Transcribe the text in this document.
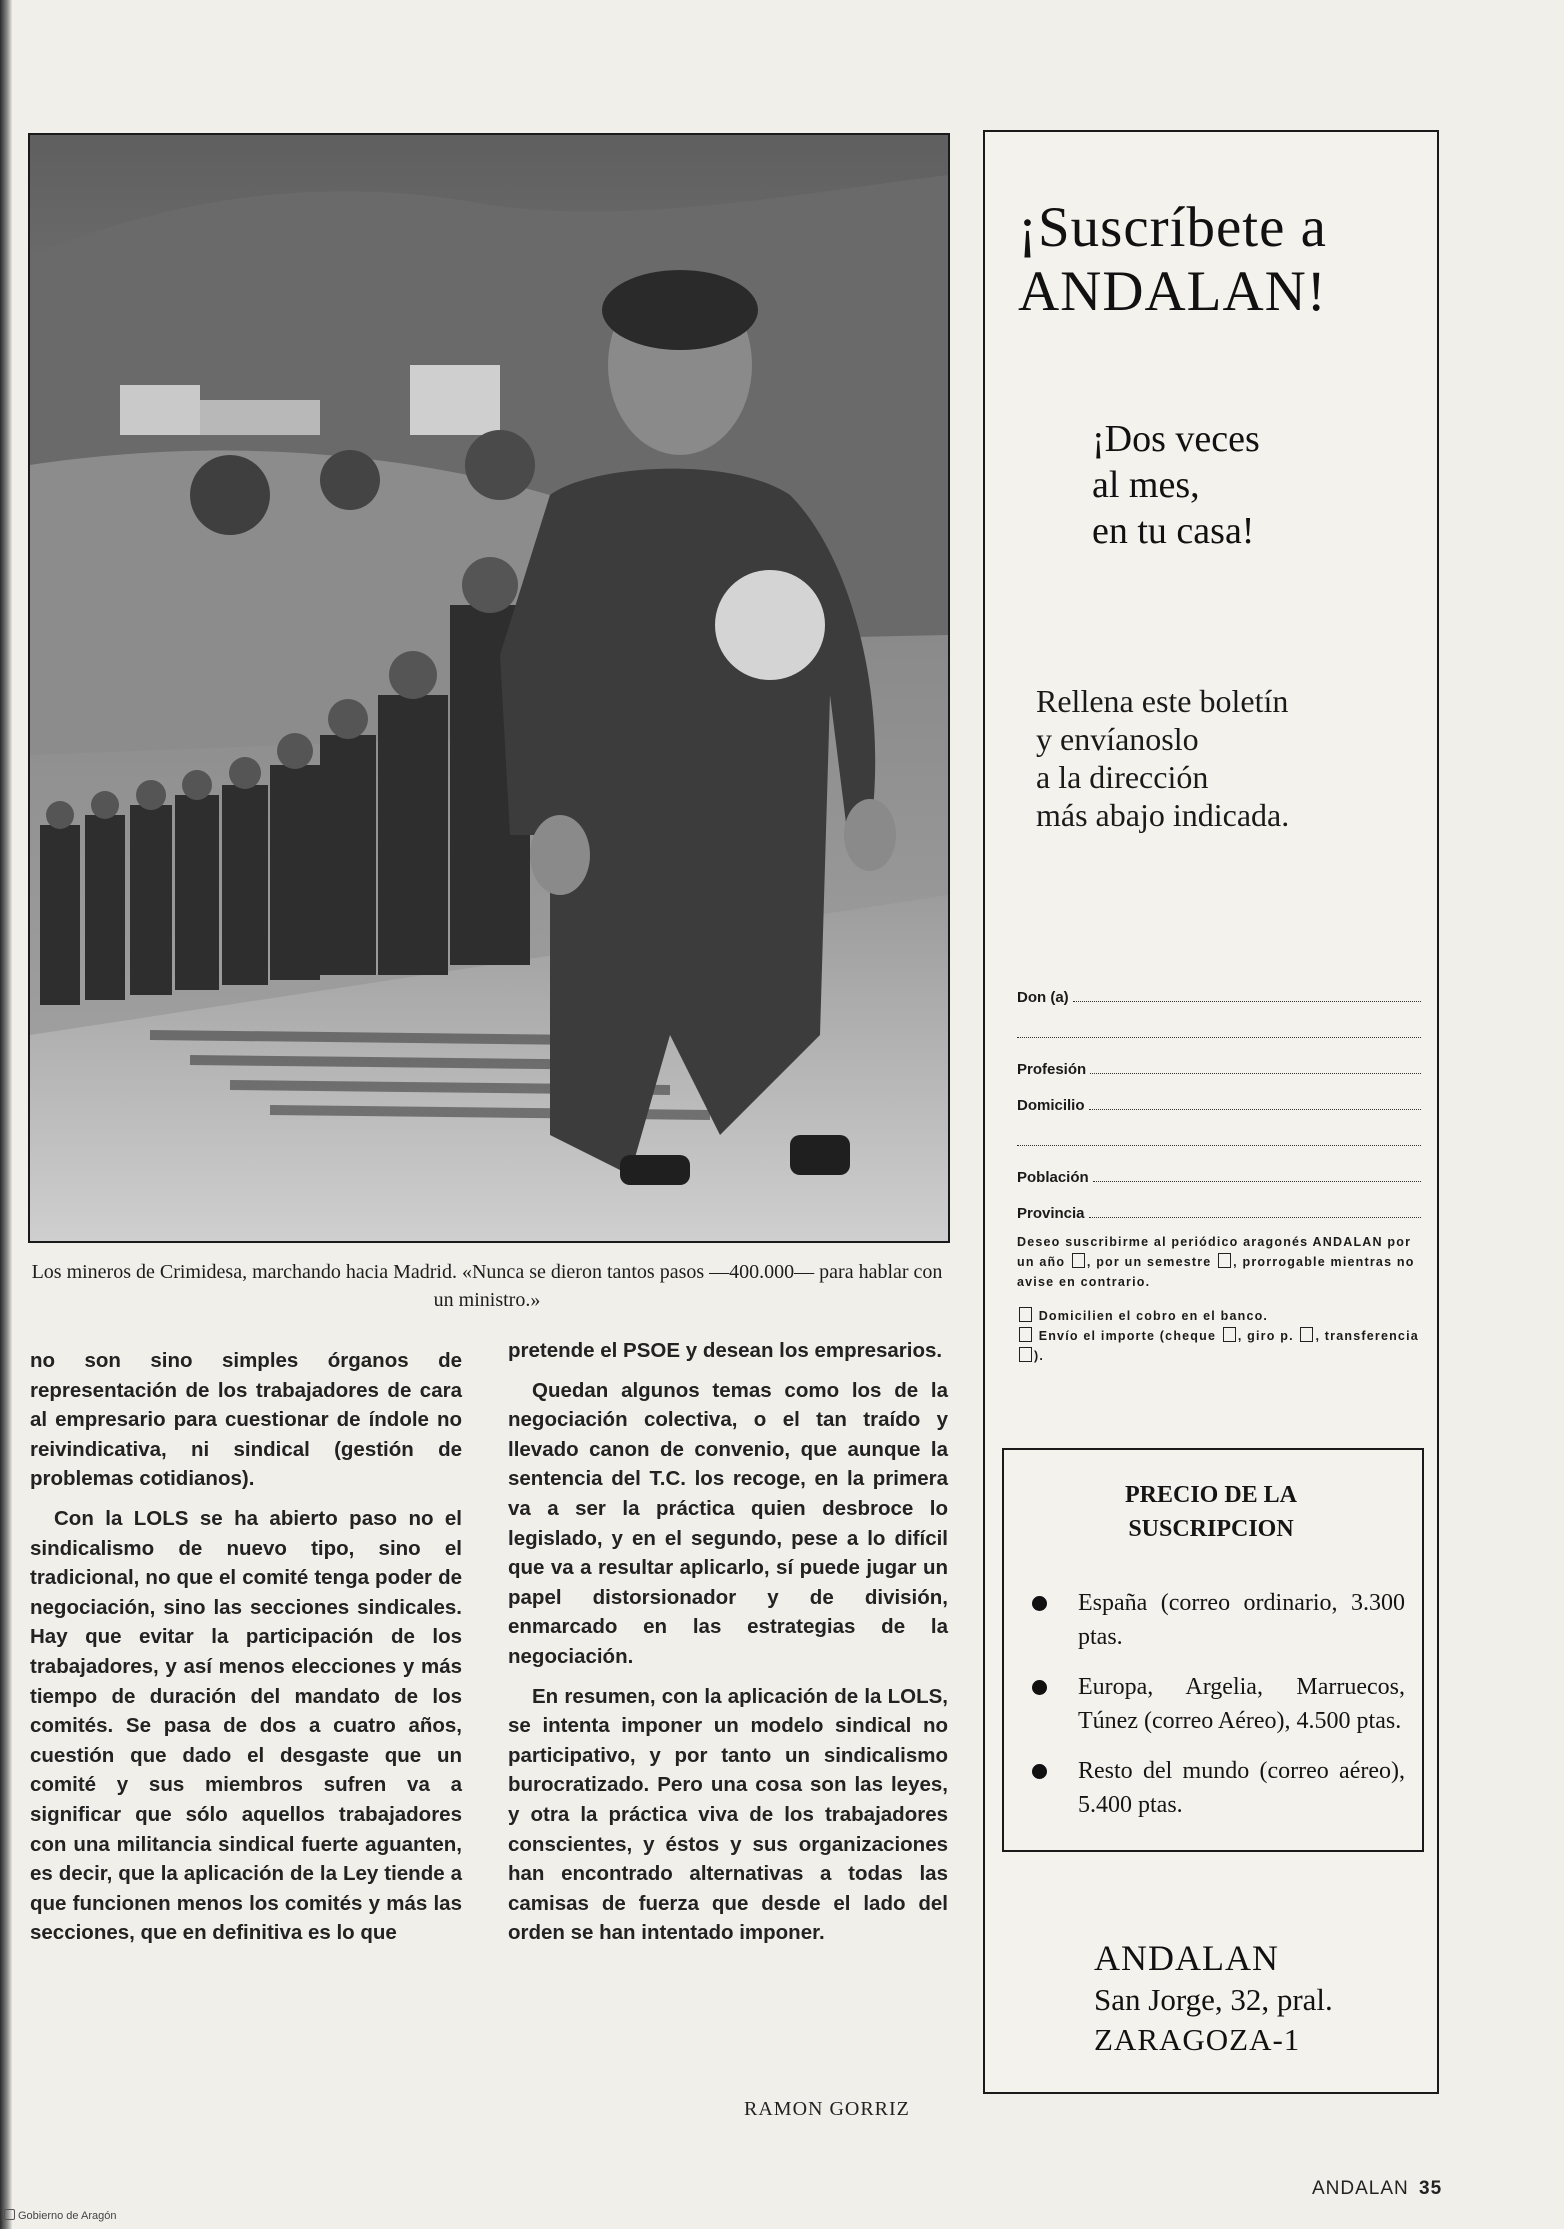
Los mineros de Crimidesa, marchando hacia Madrid. «Nunca se dieron tantos pasos —400.000— para hablar con un ministro.»

no son sino simples órganos de representación de los trabajadores de cara al empresario para cuestionar de índole no reivindicativa, ni sindical (gestión de problemas cotidianos).

Con la LOLS se ha abierto paso no el sindicalismo de nuevo tipo, sino el tradicional, no que el comité tenga poder de negociación, sino las secciones sindicales. Hay que evitar la participación de los trabajadores, y así menos elecciones y más tiempo de duración del mandato de los comités. Se pasa de dos a cuatro años, cuestión que dado el desgaste que un comité y sus miembros sufren va a significar que sólo aquellos trabajadores con una militancia sindical fuerte aguanten, es decir, que la aplicación de la Ley tiende a que funcionen menos los comités y más las secciones, que en definitiva es lo que

pretende el PSOE y desean los empresarios.

Quedan algunos temas como los de la negociación colectiva, o el tan traído y llevado canon de convenio, que aunque la sentencia del T.C. los recoge, en la primera va a ser la práctica quien desbroce lo legislado, y en el segundo, pese a lo difícil que va a resultar aplicarlo, sí puede jugar un papel distorsionador y de división, enmarcado en las estrategias de la negociación.

En resumen, con la aplicación de la LOLS, se intenta imponer un modelo sindical no participativo, y por tanto un sindicalismo burocratizado. Pero una cosa son las leyes, y otra la práctica viva de los trabajadores conscientes, y éstos y sus organizaciones han encontrado alternativas a todas las camisas de fuerza que desde el lado del orden se han intentado imponer.

RAMON GORRIZ
¡Suscríbete a
ANDALAN!
¡Dos veces
al mes,
en tu casa!
Rellena este boletín
y envíanoslo
a la dirección
más abajo indicada.
Don (a)
Profesión
Domicilio
Población
Provincia
Deseo suscribirme al periódico aragonés ANDALAN por un año , por un semestre , prorrogable mientras no avise en contrario.
Domicilien el cobro en el banco.
Envío el importe (cheque , giro p. , transferencia ).
PRECIO DE LA
SUSCRIPCION
España (correo ordinario, 3.300 ptas.
Europa, Argelia, Marruecos, Túnez (correo Aéreo), 4.500 ptas.
Resto del mundo (correo aéreo), 5.400 ptas.
ANDALAN
San Jorge, 32, pral.
ZARAGOZA-1
ANDALAN 35
Gobierno de Aragón
